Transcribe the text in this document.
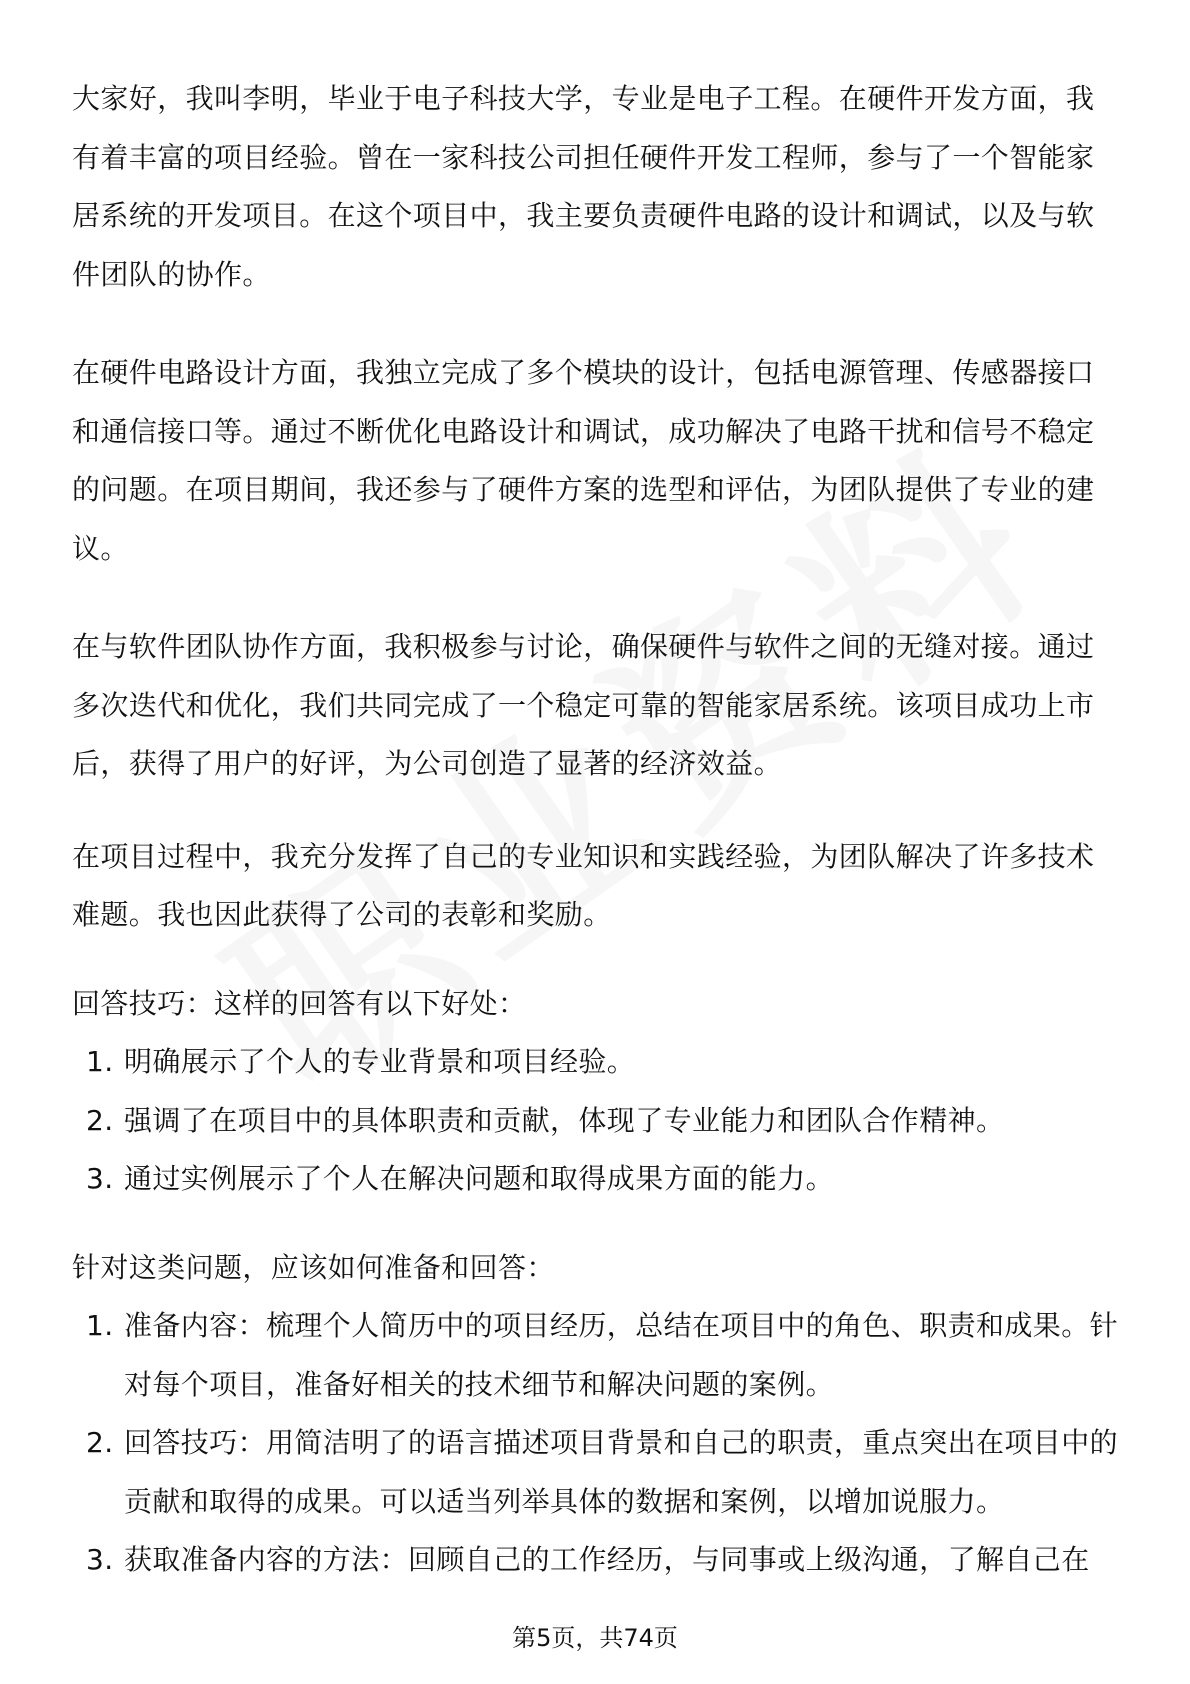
大家好，我叫李明，毕业于电子科技大学，专业是电子工程。在硬件开发方面，我有着丰富的项目经验。曾在一家科技公司担任硬件开发工程师，参与了一个智能家居系统的开发项目。在这个项目中，我主要负责硬件电路的设计和调试，以及与软件团队的协作。

在硬件电路设计方面，我独立完成了多个模块的设计，包括电源管理、传感器接口和通信接口等。通过不断优化电路设计和调试，成功解决了电路干扰和信号不稳定的问题。在项目期间，我还参与了硬件方案的选型和评估，为团队提供了专业的建议。

在与软件团队协作方面，我积极参与讨论，确保硬件与软件之间的无缝对接。通过多次迭代和优化，我们共同完成了一个稳定可靠的智能家居系统。该项目成功上市后，获得了用户的好评，为公司创造了显著的经济效益。

在项目过程中，我充分发挥了自己的专业知识和实践经验，为团队解决了许多技术难题。我也因此获得了公司的表彰和奖励。

回答技巧：这样的回答有以下好处：

1. 明确展示了个人的专业背景和项目经验。
2. 强调了在项目中的具体职责和贡献，体现了专业能力和团队合作精神。
3. 通过实例展示了个人在解决问题和取得成果方面的能力。

针对这类问题，应该如何准备和回答：

1. 准备内容：梳理个人简历中的项目经历，总结在项目中的角色、职责和成果。针对每个项目，准备好相关的技术细节和解决问题的案例。
2. 回答技巧：用简洁明了的语言描述项目背景和自己的职责，重点突出在项目中的贡献和取得的成果。可以适当列举具体的数据和案例，以增加说服力。
3. 获取准备内容的方法：回顾自己的工作经历，与同事或上级沟通，了解自己在
第5页，共74页
